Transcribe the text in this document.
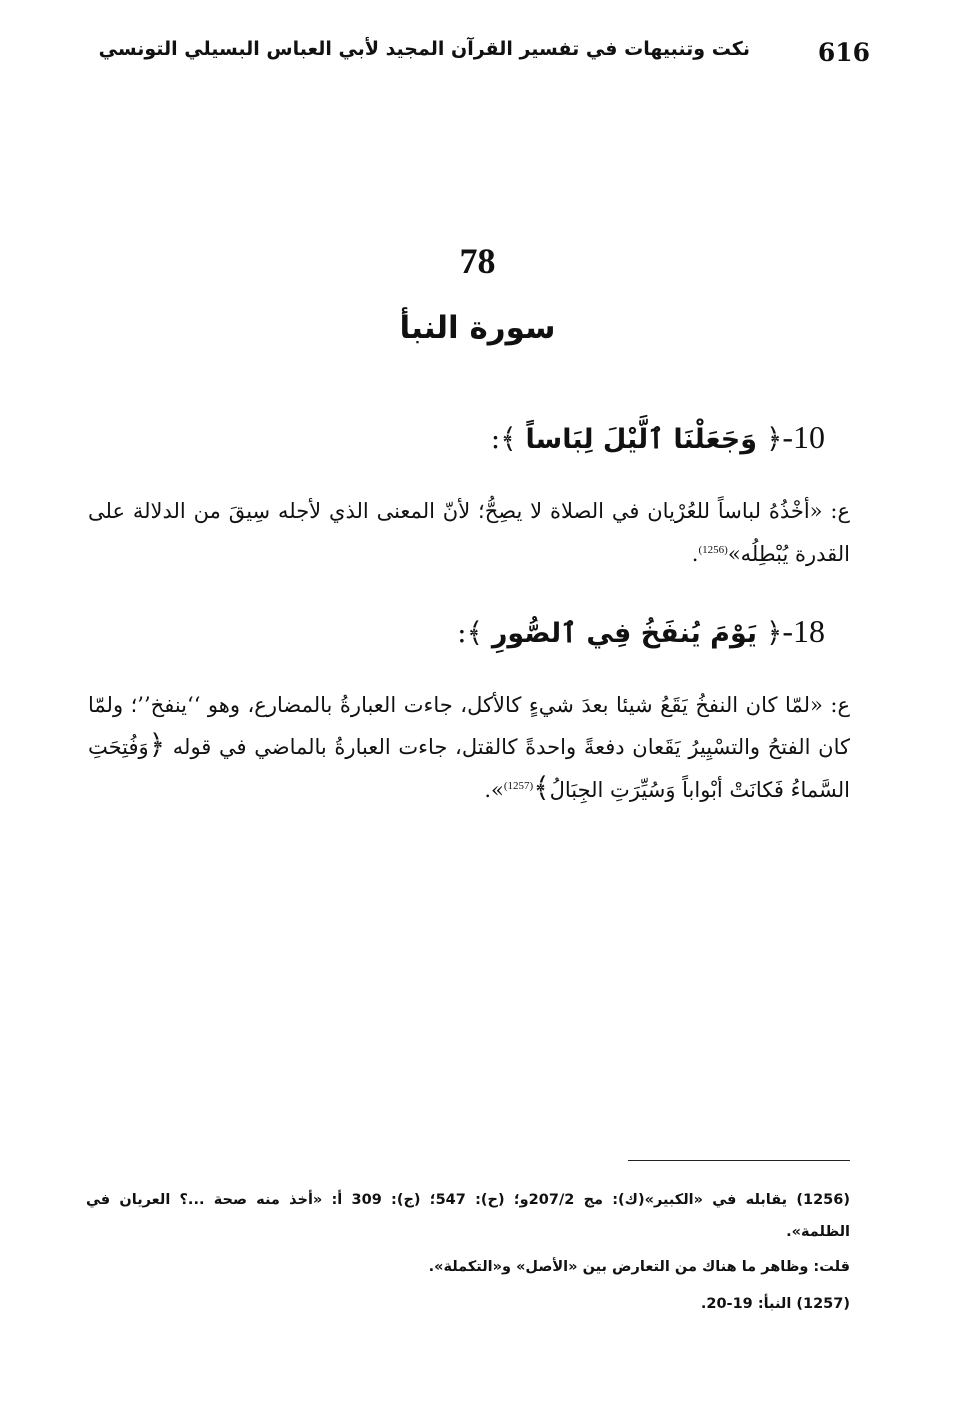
616
نكت وتنبيهات في تفسير القرآن المجيد لأبي العباس البسيلي التونسي
78
سورة النبأ
10-﴿ وَجَعَلْنَا ٱلَّيْلَ لِبَاساً ﴾:
ع: «أخْذُهُ لباساً للعُرْيان في الصلاة لا يصِحُّ؛ لأنّ المعنى الذي لأجله سِيقَ من الدلالة على القدرة يُبْطِلُه»$^{(1256)}$.
18-﴿ يَوْمَ يُنفَخُ فِي ٱلصُّورِ ﴾:
ع: «لمّا كان النفخُ يَقَعُ شيئا بعدَ شيءٍ كالأكل، جاءت العبارةُ بالمضارع، وهو ‘‘ينفخ’’؛ ولمّا كان الفتحُ والتسْيِيرُ يَقَعان دفعةً واحدةً كالقتل، جاءت العبارةُ بالماضي في قوله ﴿وَفُتِحَتِ السَّماءُ فَكانَتْ أبْواباً وَسُيِّرَتِ الجِبَالُ﴾$^{(1257)}$».
(1256) يقابله في «الكبير»(ك): مج 207/2و؛ (ح): 547؛ (ج): 309 أ: «أخذ منه صحة ...؟ العريان في الظلمة».
قلت: وظاهر ما هناك من التعارض بين «الأصل» و«التكملة».
(1257) النبأ: 19-20.
